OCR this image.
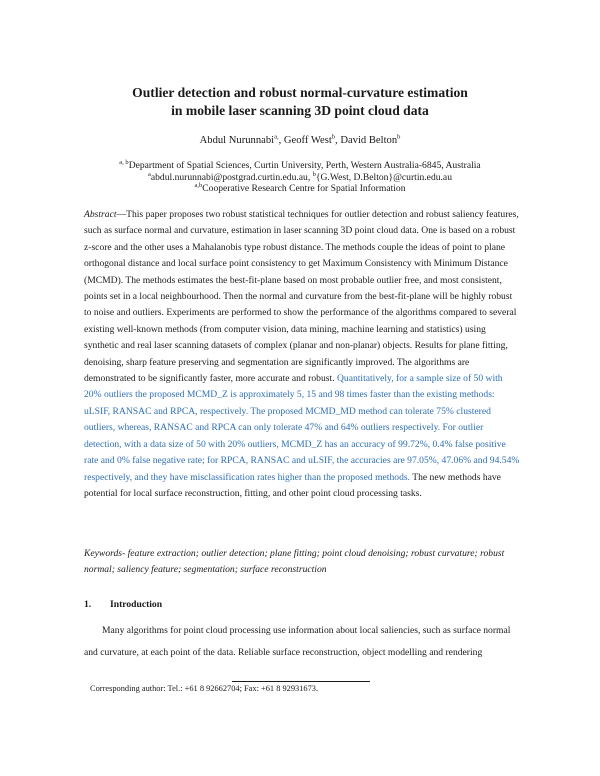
Outlier detection and robust normal-curvature estimation
in mobile laser scanning 3D point cloud data
Abdul Nurunnabi$^{a,}$, Geoff West$^b$, David Belton$^b$
$^{a, b}$Department of Spatial Sciences, Curtin University, Perth, Western Australia-6845, Australia
$^a$abdul.nurunnabi@postgrad.curtin.edu.au, $^b${G.West, D.Belton}@curtin.edu.au
$^{a,b}$Cooperative Research Centre for Spatial Information
Abstract—This paper proposes two robust statistical techniques for outlier detection and robust saliency features, such as surface normal and curvature, estimation in laser scanning 3D point cloud data. One is based on a robust z-score and the other uses a Mahalanobis type robust distance. The methods couple the ideas of point to plane orthogonal distance and local surface point consistency to get Maximum Consistency with Minimum Distance (MCMD). The methods estimates the best-fit-plane based on most probable outlier free, and most consistent, points set in a local neighbourhood. Then the normal and curvature from the best-fit-plane will be highly robust to noise and outliers. Experiments are performed to show the performance of the algorithms compared to several existing well-known methods (from computer vision, data mining, machine learning and statistics) using synthetic and real laser scanning datasets of complex (planar and non-planar) objects. Results for plane fitting, denoising, sharp feature preserving and segmentation are significantly improved. The algorithms are demonstrated to be significantly faster, more accurate and robust. Quantitatively, for a sample size of 50 with 20% outliers the proposed MCMD_Z is approximately 5, 15 and 98 times faster than the existing methods: uLSIF, RANSAC and RPCA, respectively. The proposed MCMD_MD method can tolerate 75% clustered outliers, whereas, RANSAC and RPCA can only tolerate 47% and 64% outliers respectively. For outlier detection, with a data size of 50 with 20% outliers, MCMD_Z has an accuracy of 99.72%, 0.4% false positive rate and 0% false negative rate; for RPCA, RANSAC and uLSIF, the accuracies are 97.05%, 47.06% and 94.54% respectively, and they have misclassification rates higher than the proposed methods. The new methods have potential for local surface reconstruction, fitting, and other point cloud processing tasks.
Keywords- feature extraction; outlier detection; plane fitting; point cloud denoising; robust curvature; robust normal; saliency feature; segmentation; surface reconstruction
1. Introduction
Many algorithms for point cloud processing use information about local saliencies, such as surface normal and curvature, at each point of the data. Reliable surface reconstruction, object modelling and rendering
Corresponding author: Tel.: +61 8 92662704; Fax: +61 8 92931673.
